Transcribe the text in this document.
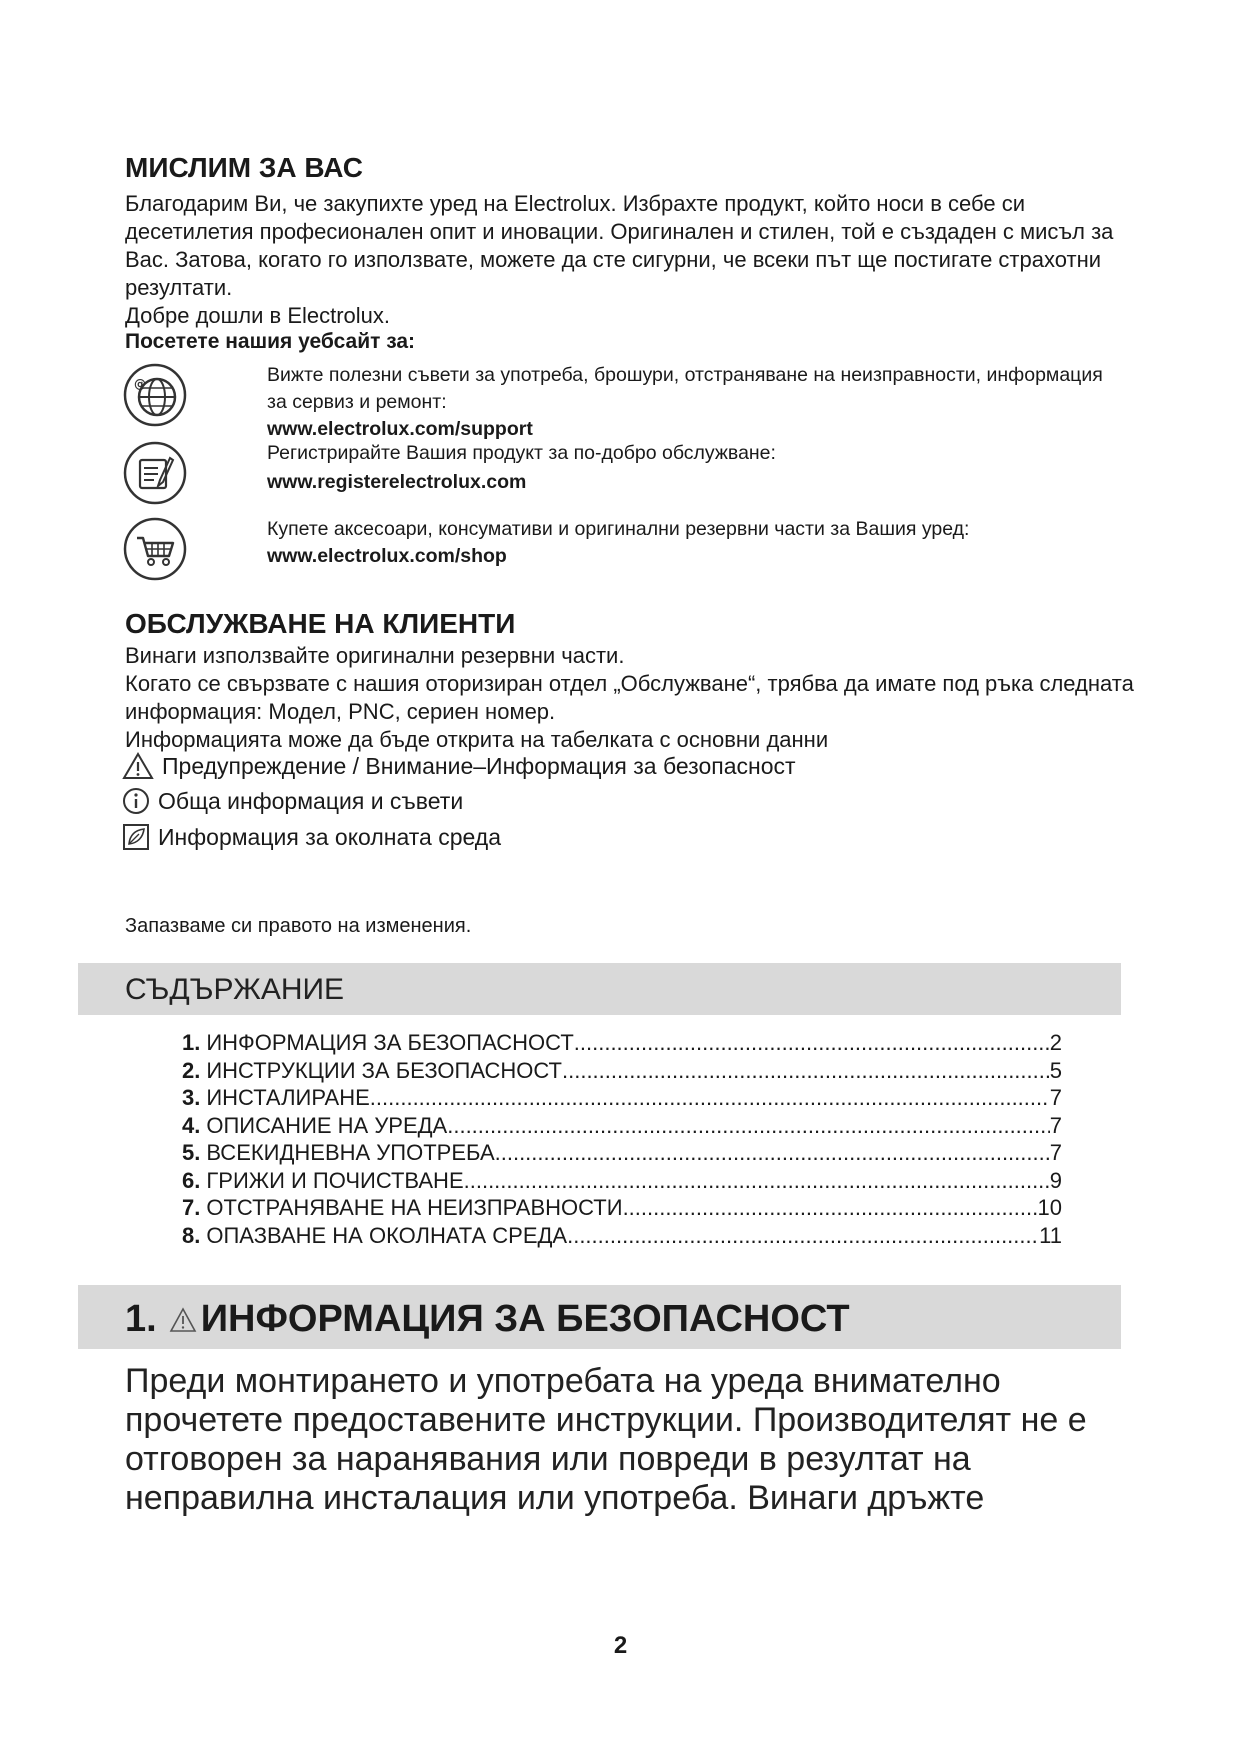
МИСЛИМ ЗА ВАС
Благодарим Ви, че закупихте уред на Electrolux. Избрахте продукт, който носи в себе си десетилетия професионален опит и иновации. Оригинален и стилен, той е създаден с мисъл за Вас. Затова, когато го използвате, можете да сте сигурни, че всеки път ще постигате страхотни резултати.
Добре дошли в Electrolux.
Посетете нашия уебсайт за:
@	Вижте полезни съвети за употреба, брошури, отстраняване на неизправности, информация за сервиз и ремонт:
www.electrolux.com/support
Регистрирайте Вашия продукт за по-добро обслужване:
www.registerelectrolux.com
Купете аксесоари, консумативи и оригинални резервни части за Вашия уред:
www.electrolux.com/shop
ОБСЛУЖВАНЕ НА КЛИЕНТИ
Винаги използвайте оригинални резервни части.
Когато се свързвате с нашия оторизиран отдел „Обслужване“, трябва да имате под ръка следната информация: Модел, PNC, сериен номер.
Информацията може да бъде открита на табелката с основни данни
Предупреждение / Внимание–Информация за безопасност
Обща информация и съвети
Информация за околната среда
Запазваме си правото на изменения.
СЪДЪРЖАНИЕ
1. ИНФОРМАЦИЯ ЗА БЕЗОПАСНОСТ .....	2
2. ИНСТРУКЦИИ ЗА БЕЗОПАСНОСТ .....	5
3. ИНСТАЛИРАНЕ .....	7
4. ОПИСАНИЕ НА УРЕДА .....	7
5. ВСЕКИДНЕВНА УПОТРЕБА .....	7
6. ГРИЖИ И ПОЧИСТВАНЕ .....	9
7. ОТСТРАНЯВАНЕ НА НЕИЗПРАВНОСТИ .....	10
8. ОПАЗВАНЕ НА ОКОЛНАТА СРЕДА .....	11
1. ИНФОРМАЦИЯ ЗА БЕЗОПАСНОСТ
Преди монтирането и употребата на уреда внимателно прочетете предоставените инструкции. Производителят не е отговорен за наранявания или повреди в резултат на неправилна инсталация или употреба. Винаги дръжте
2
